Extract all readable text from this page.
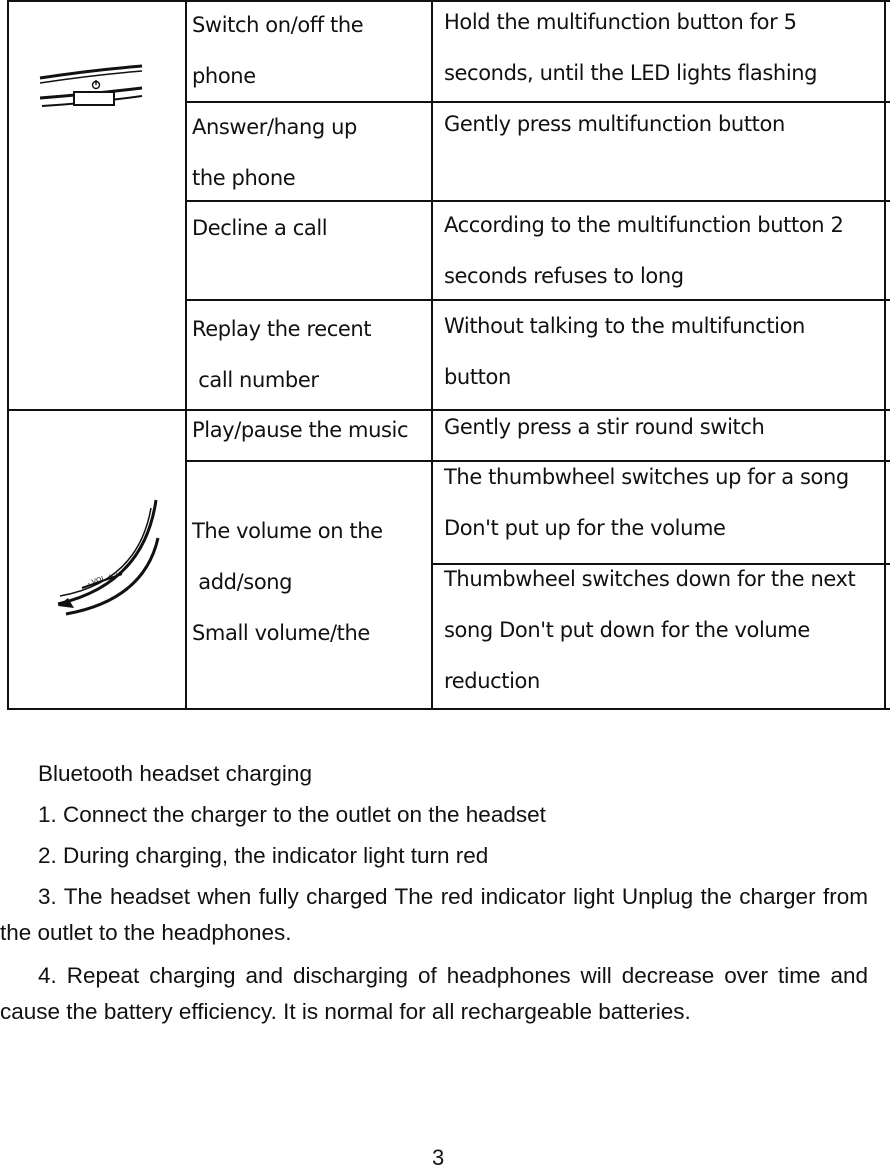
- VOL + /
Switch on/off the
phone
Answer/hang up
the phone
Decline a call
Replay the recent
call number
Play/pause the music
The volume on the
add/song
Small volume/the
Hold the multifunction button for 5
seconds, until the LED lights flashing
Gently press multifunction button
According to the multifunction button 2
seconds refuses to long
Without talking to the multifunction
button
Gently press a stir round switch
The thumbwheel switches up for a song
Don't put up for the volume
Thumbwheel switches down for the next
song Don't put down for the volume
reduction

Bluetooth headset charging

1. Connect the charger to the outlet on the headset

2. During charging, the indicator light turn red

3. The headset when fully charged The red indicator light Unplug the charger from the outlet to the headphones.

4. Repeat charging and discharging of headphones will decrease over time and cause the battery efficiency. It is normal for all rechargeable batteries.

3
